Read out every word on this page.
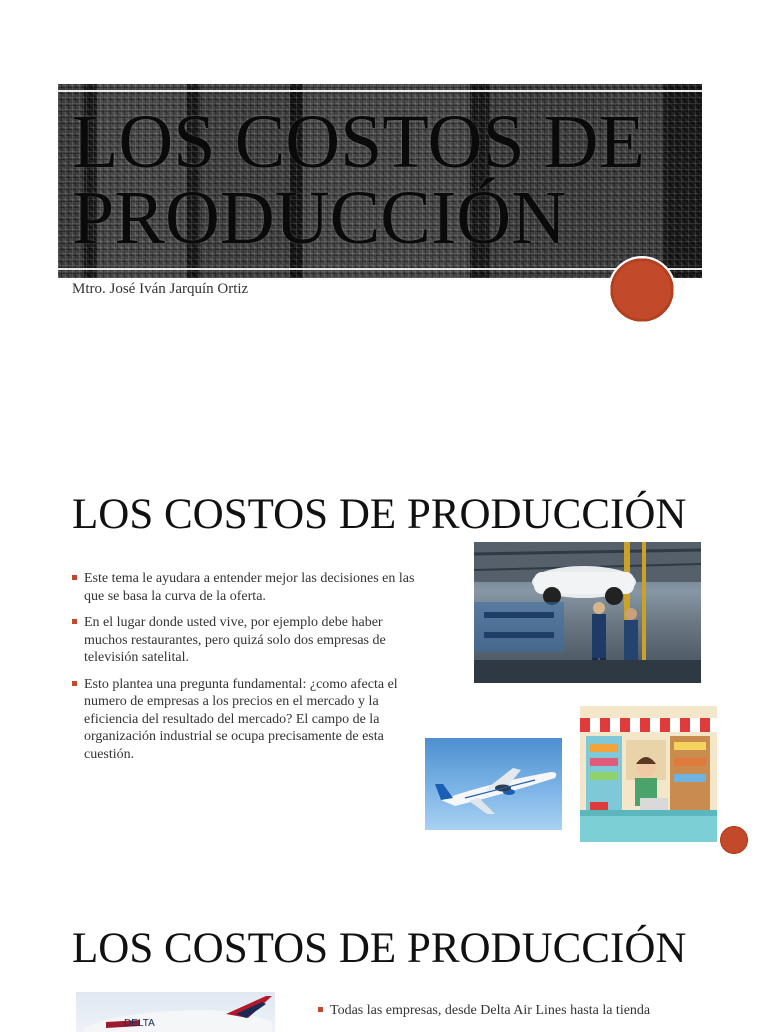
LOS COSTOS DE
PRODUCCIÓN
Mtro. José Iván Jarquín Ortiz
LOS COSTOS DE PRODUCCIÓN
Este tema le ayudara a entender mejor las decisiones en las que se basa la curva de la oferta.
En el lugar donde usted vive, por ejemplo debe haber muchos restaurantes, pero quizá solo dos empresas de televisión satelital.
Esto plantea una pregunta fundamental: ¿como afecta el numero de empresas a los precios en el mercado y la eficiencia del resultado del mercado? El campo de la organización industrial se ocupa precisamente de esta cuestión.
LOS COSTOS DE PRODUCCIÓN
DELTA
Todas las empresas, desde Delta Air Lines hasta la tienda
